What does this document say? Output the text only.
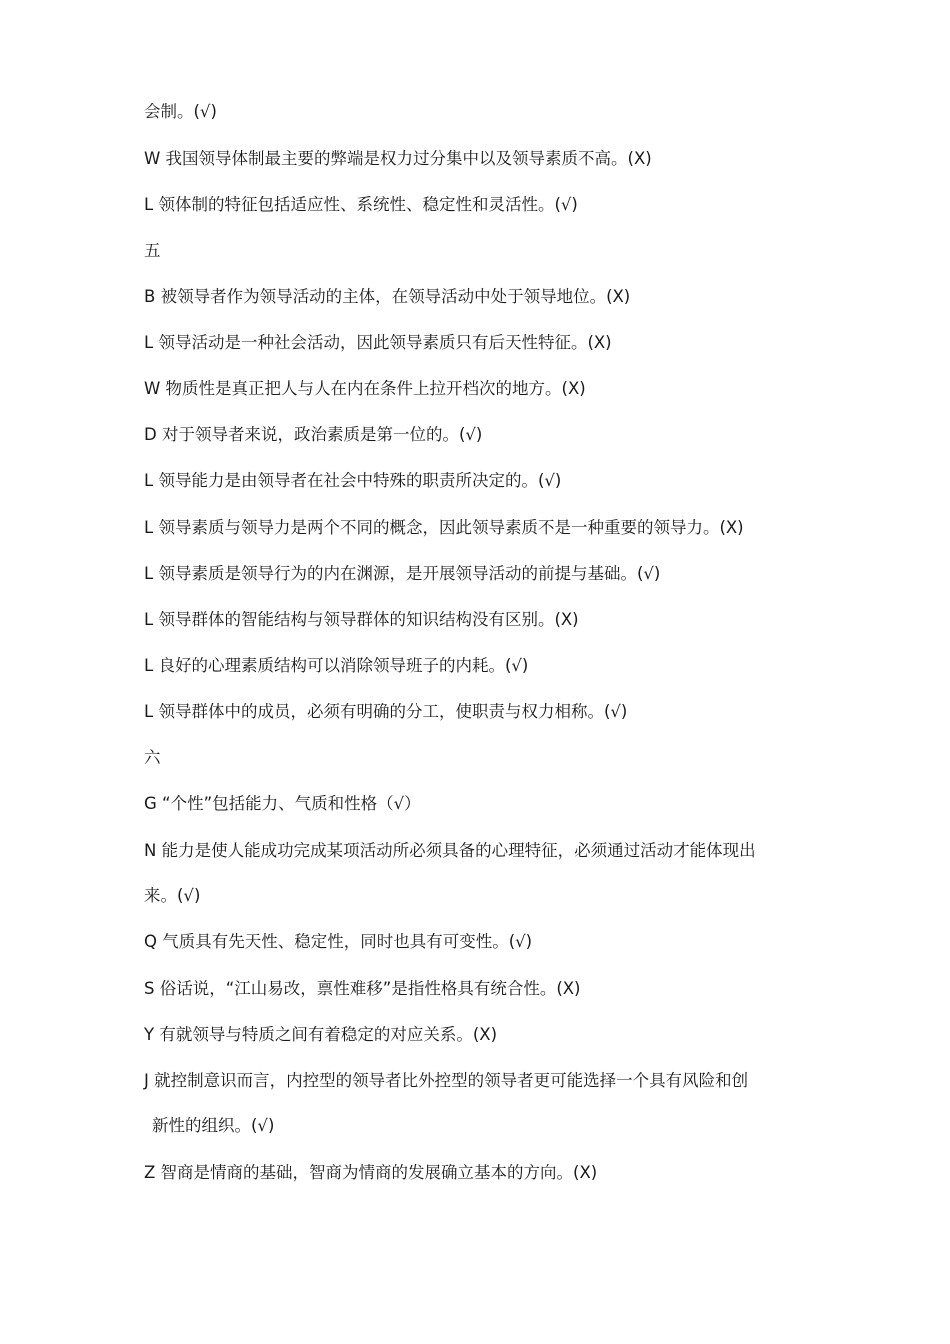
会制。(√)
W 我国领导体制最主要的弊端是权力过分集中以及领导素质不高。(X)
L 领体制的特征包括适应性、系统性、稳定性和灵活性。(√)
五
B 被领导者作为领导活动的主体，在领导活动中处于领导地位。(X)
L 领导活动是一种社会活动，因此领导素质只有后天性特征。(X)
W 物质性是真正把人与人在内在条件上拉开档次的地方。(X)
D 对于领导者来说，政治素质是第一位的。(√)
L 领导能力是由领导者在社会中特殊的职责所决定的。(√)
L 领导素质与领导力是两个不同的概念，因此领导素质不是一种重要的领导力。(X)
L 领导素质是领导行为的内在渊源，是开展领导活动的前提与基础。(√)
L 领导群体的智能结构与领导群体的知识结构没有区别。(X)
L 良好的心理素质结构可以消除领导班子的内耗。(√)
L 领导群体中的成员，必须有明确的分工，使职责与权力相称。(√)
六
G “个性”包括能力、气质和性格（√）
N 能力是使人能成功完成某项活动所必须具备的心理特征，必须通过活动才能体现出
来。(√)
Q 气质具有先天性、稳定性，同时也具有可变性。(√)
S 俗话说，“江山易改，禀性难移”是指性格具有统合性。(X)
Y 有就领导与特质之间有着稳定的对应关系。(X)
J 就控制意识而言，内控型的领导者比外控型的领导者更可能选择一个具有风险和创
新性的组织。(√)
Z 智商是情商的基础，智商为情商的发展确立基本的方向。(X)
